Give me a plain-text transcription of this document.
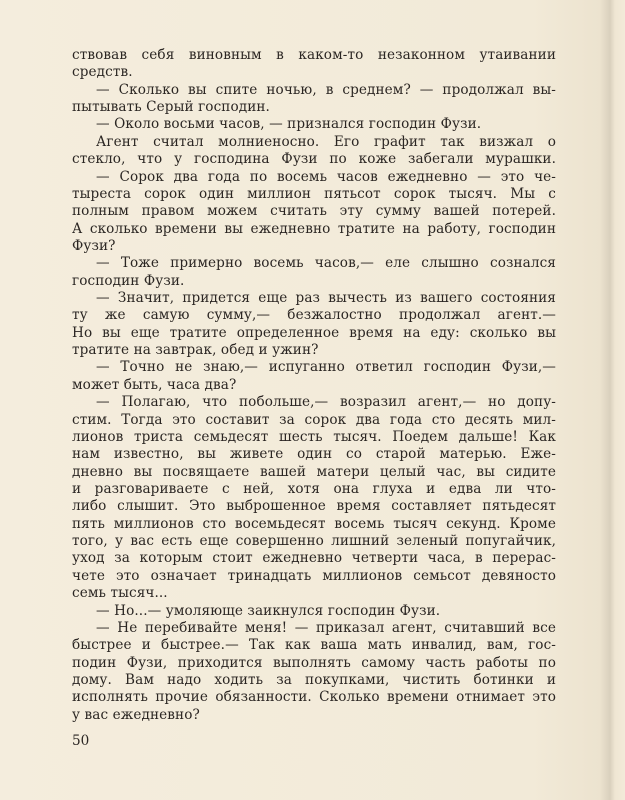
ствовав себя виновным в каком-то незаконном утаивании
средств.
— Сколько вы спите ночью, в среднем? — продолжал вы-
пытывать Серый господин.
— Около восьми часов, — признался господин Фузи.
Агент считал молниеносно. Его графит так визжал о
стекло, что у господина Фузи по коже забегали мурашки.
— Сорок два года по восемь часов ежедневно — это че-
тыреста сорок один миллион пятьсот сорок тысяч. Мы с
полным правом можем считать эту сумму вашей потерей.
А сколько времени вы ежедневно тратите на работу, господин
Фузи?
— Тоже примерно восемь часов,— еле слышно сознался
господин Фузи.
— Значит, придется еще раз вычесть из вашего состояния
ту же самую сумму,— безжалостно продолжал агент.—
Но вы еще тратите определенное время на еду: сколько вы
тратите на завтрак, обед и ужин?
— Точно не знаю,— испуганно ответил господин Фузи,—
может быть, часа два?
— Полагаю, что побольше,— возразил агент,— но допу-
стим. Тогда это составит за сорок два года сто десять мил-
лионов триста семьдесят шесть тысяч. Поедем дальше! Как
нам известно, вы живете один со старой матерью. Еже-
дневно вы посвящаете вашей матери целый час, вы сидите
и разговариваете с ней, хотя она глуха и едва ли что-
либо слышит. Это выброшенное время составляет пятьдесят
пять миллионов сто восемьдесят восемь тысяч секунд. Кроме
того, у вас есть еще совершенно лишний зеленый попугайчик,
уход за которым стоит ежедневно четверти часа, в перерас-
чете это означает тринадцать миллионов семьсот девяносто
семь тысяч...
— Но...— умоляюще заикнулся господин Фузи.
— Не перебивайте меня! — приказал агент, считавший все
быстрее и быстрее.— Так как ваша мать инвалид, вам, гос-
подин Фузи, приходится выполнять самому часть работы по
дому. Вам надо ходить за покупками, чистить ботинки и
исполнять прочие обязанности. Сколько времени отнимает это
у вас ежедневно?
50
